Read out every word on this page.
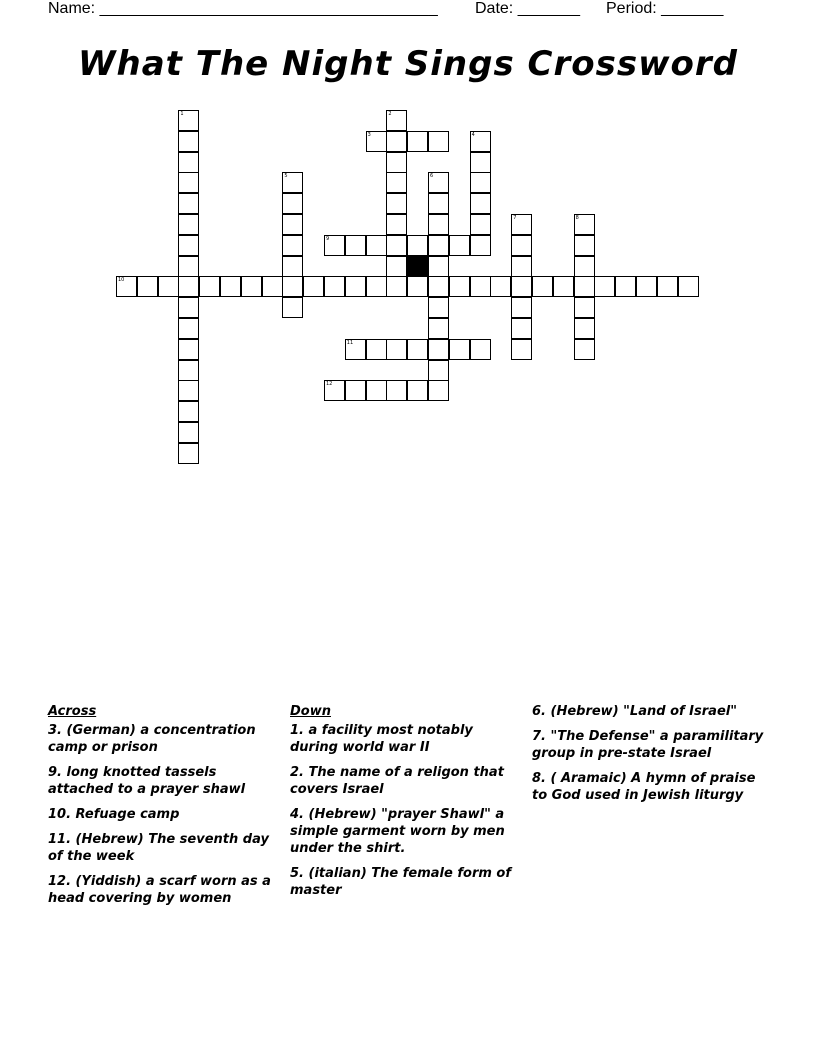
Name: ______________________________________ Date: _______ Period: _______
What The Night Sings Crossword
1	2
3	4
5	6
7	8
9
10
11
12
Across
3. (German) a concentration camp or prison
9. long knotted tassels attached to a prayer shawl
10. Refuage camp
11. (Hebrew) The seventh day of the week
12. (Yiddish) a scarf worn as a head covering by women
Down
1. a facility most notably during world war II
2. The name of a religon that covers Israel
4. (Hebrew) "prayer Shawl" a simple garment worn by men under the shirt.
5. (italian) The female form of master
6. (Hebrew) "Land of Israel"
7. "The Defense" a paramilitary group in pre-state Israel
8. ( Aramaic) A hymn of praise to God used in Jewish liturgy
